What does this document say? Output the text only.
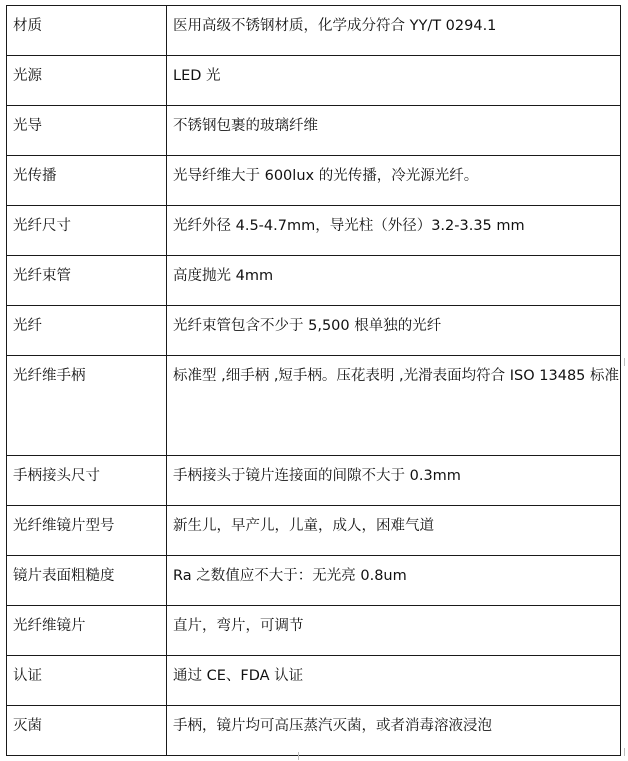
材质	医用高级不锈钢材质，化学成分符合 YY/T 0294.1
光源	LED 光
光导	不锈钢包裹的玻璃纤维
光传播	光导纤维大于 600lux 的光传播，冷光源光纤。
光纤尺寸	光纤外径 4.5-4.7mm，导光柱（外径）3.2-3.35 mm
光纤束管	高度抛光 4mm
光纤	光纤束管包含不少于 5,500 根单独的光纤
光纤维手柄	标准型 ,细手柄 ,短手柄。压花表明 ,光滑表面均符合 ISO 13485 标准
手柄接头尺寸	手柄接头于镜片连接面的间隙不大于 0.3mm
光纤维镜片型号	新生儿，早产儿，儿童，成人，困难气道
镜片表面粗糙度	Ra 之数值应不大于：无光亮 0.8um
光纤维镜片	直片，弯片，可调节
认证	通过 CE、FDA 认证
灭菌	手柄，镜片均可高压蒸汽灭菌，或者消毒溶液浸泡
